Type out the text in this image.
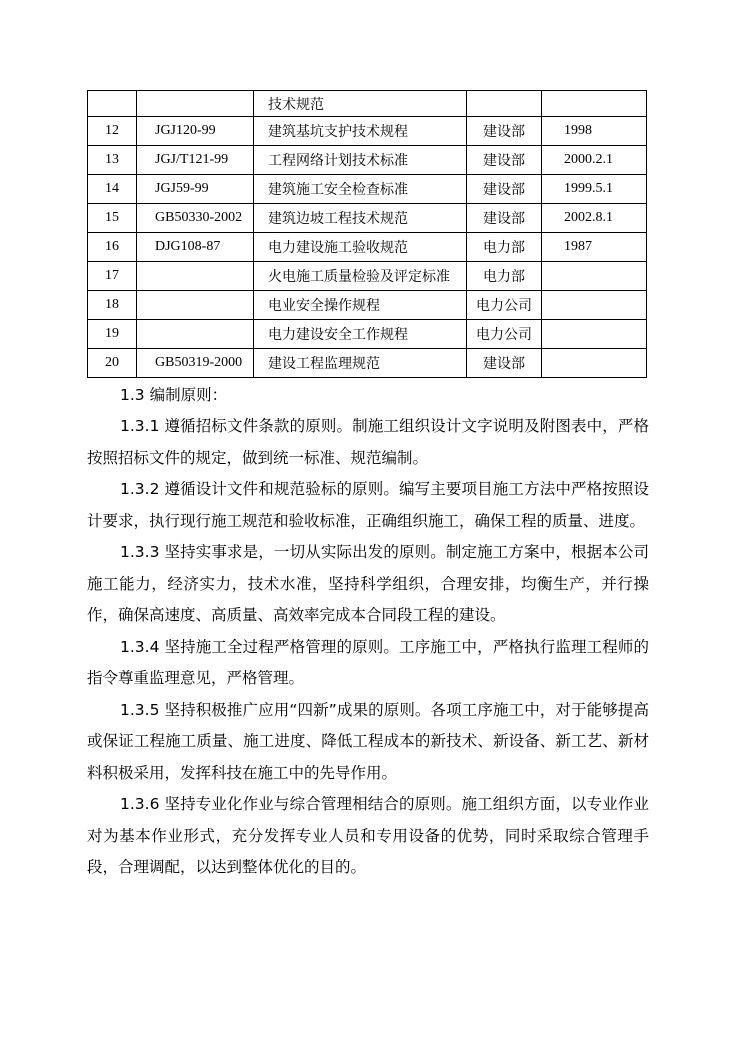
		技术规范		
12	JGJ120-99	建筑基坑支护技术规程	建设部	1998
13	JGJ/T121-99	工程网络计划技术标准	建设部	2000.2.1
14	JGJ59-99	建筑施工安全检查标准	建设部	1999.5.1
15	GB50330-2002	建筑边坡工程技术规范	建设部	2002.8.1
16	DJG108-87	电力建设施工验收规范	电力部	1987
17		火电施工质量检验及评定标准	电力部	
18		电业安全操作规程	电力公司	
19		电力建设安全工作规程	电力公司	
20	GB50319-2000	建设工程监理规范	建设部	

1.3 编制原则：

1.3.1 遵循招标文件条款的原则。制施工组织设计文字说明及附图表中，严格按照招标文件的规定，做到统一标准、规范编制。

1.3.2 遵循设计文件和规范验标的原则。编写主要项目施工方法中严格按照设计要求，执行现行施工规范和验收标准，正确组织施工，确保工程的质量、进度。

1.3.3 坚持实事求是，一切从实际出发的原则。制定施工方案中，根据本公司施工能力，经济实力，技术水准，坚持科学组织，合理安排，均衡生产，并行操作，确保高速度、高质量、高效率完成本合同段工程的建设。

1.3.4 坚持施工全过程严格管理的原则。工序施工中，严格执行监理工程师的指令尊重监理意见，严格管理。

1.3.5 坚持积极推广应用“四新”成果的原则。各项工序施工中，对于能够提高或保证工程施工质量、施工进度、降低工程成本的新技术、新设备、新工艺、新材料积极采用，发挥科技在施工中的先导作用。

1.3.6 坚持专业化作业与综合管理相结合的原则。施工组织方面，以专业作业对为基本作业形式，充分发挥专业人员和专用设备的优势，同时采取综合管理手段，合理调配，以达到整体优化的目的。
